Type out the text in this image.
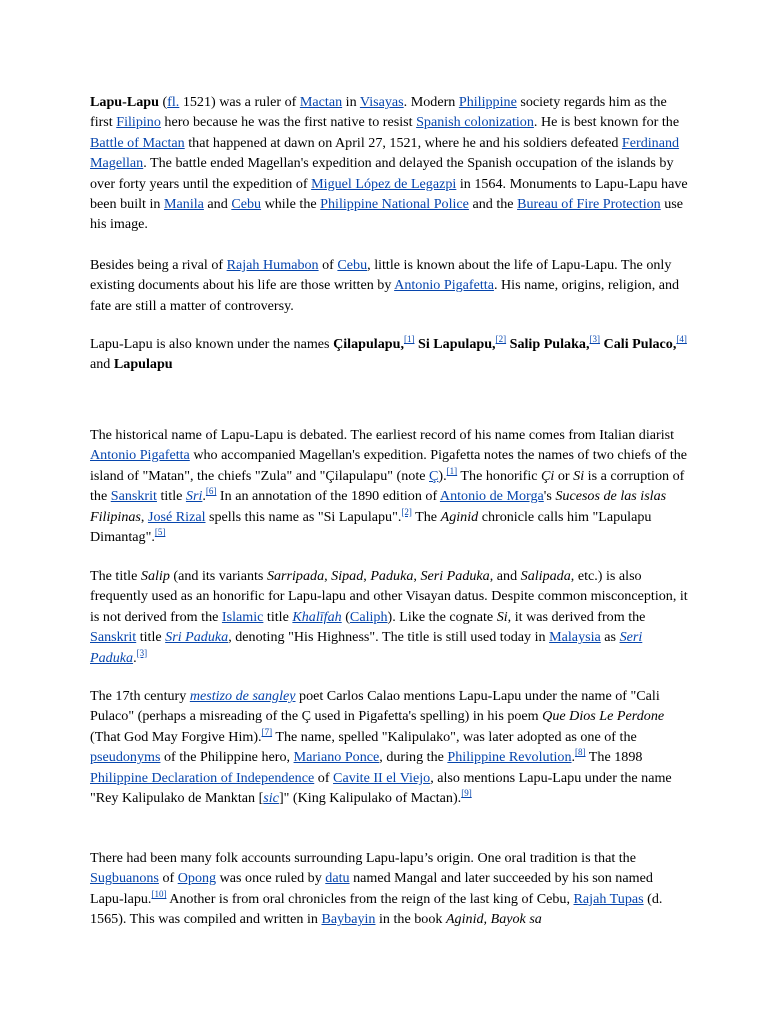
Lapu-Lapu (fl. 1521) was a ruler of Mactan in Visayas. Modern Philippine society regards him as the first Filipino hero because he was the first native to resist Spanish colonization. He is best known for the Battle of Mactan that happened at dawn on April 27, 1521, where he and his soldiers defeated Ferdinand Magellan. The battle ended Magellan's expedition and delayed the Spanish occupation of the islands by over forty years until the expedition of Miguel López de Legazpi in 1564. Monuments to Lapu-Lapu have been built in Manila and Cebu while the Philippine National Police and the Bureau of Fire Protection use his image.

Besides being a rival of Rajah Humabon of Cebu, little is known about the life of Lapu-Lapu. The only existing documents about his life are those written by Antonio Pigafetta. His name, origins, religion, and fate are still a matter of controversy.

Lapu-Lapu is also known under the names Çilapulapu,[1] Si Lapulapu,[2] Salip Pulaka,[3] Cali Pulaco,[4] and Lapulapu

The historical name of Lapu-Lapu is debated. The earliest record of his name comes from Italian diarist Antonio Pigafetta who accompanied Magellan's expedition. Pigafetta notes the names of two chiefs of the island of "Matan", the chiefs "Zula" and "Çilapulapu" (note Ç).[1] The honorific Çi or Si is a corruption of the Sanskrit title Sri.[6] In an annotation of the 1890 edition of Antonio de Morga's Sucesos de las islas Filipinas, José Rizal spells this name as "Si Lapulapu".[2] The Aginid chronicle calls him "Lapulapu Dimantag".[5]

The title Salip (and its variants Sarripada, Sipad, Paduka, Seri Paduka, and Salipada, etc.) is also frequently used as an honorific for Lapu-lapu and other Visayan datus. Despite common misconception, it is not derived from the Islamic title Khalīfah (Caliph). Like the cognate Si, it was derived from the Sanskrit title Sri Paduka, denoting "His Highness". The title is still used today in Malaysia as Seri Paduka.[3]

The 17th century mestizo de sangley poet Carlos Calao mentions Lapu-Lapu under the name of "Cali Pulaco" (perhaps a misreading of the Ç used in Pigafetta's spelling) in his poem Que Dios Le Perdone (That God May Forgive Him).[7] The name, spelled "Kalipulako", was later adopted as one of the pseudonyms of the Philippine hero, Mariano Ponce, during the Philippine Revolution.[8] The 1898 Philippine Declaration of Independence of Cavite II el Viejo, also mentions Lapu-Lapu under the name "Rey Kalipulako de Manktan [sic]" (King Kalipulako of Mactan).[9]

There had been many folk accounts surrounding Lapu-lapu’s origin. One oral tradition is that the Sugbuanons of Opong was once ruled by datu named Mangal and later succeeded by his son named Lapu-lapu.[10] Another is from oral chronicles from the reign of the last king of Cebu, Rajah Tupas (d. 1565). This was compiled and written in Baybayin in the book Aginid, Bayok sa
